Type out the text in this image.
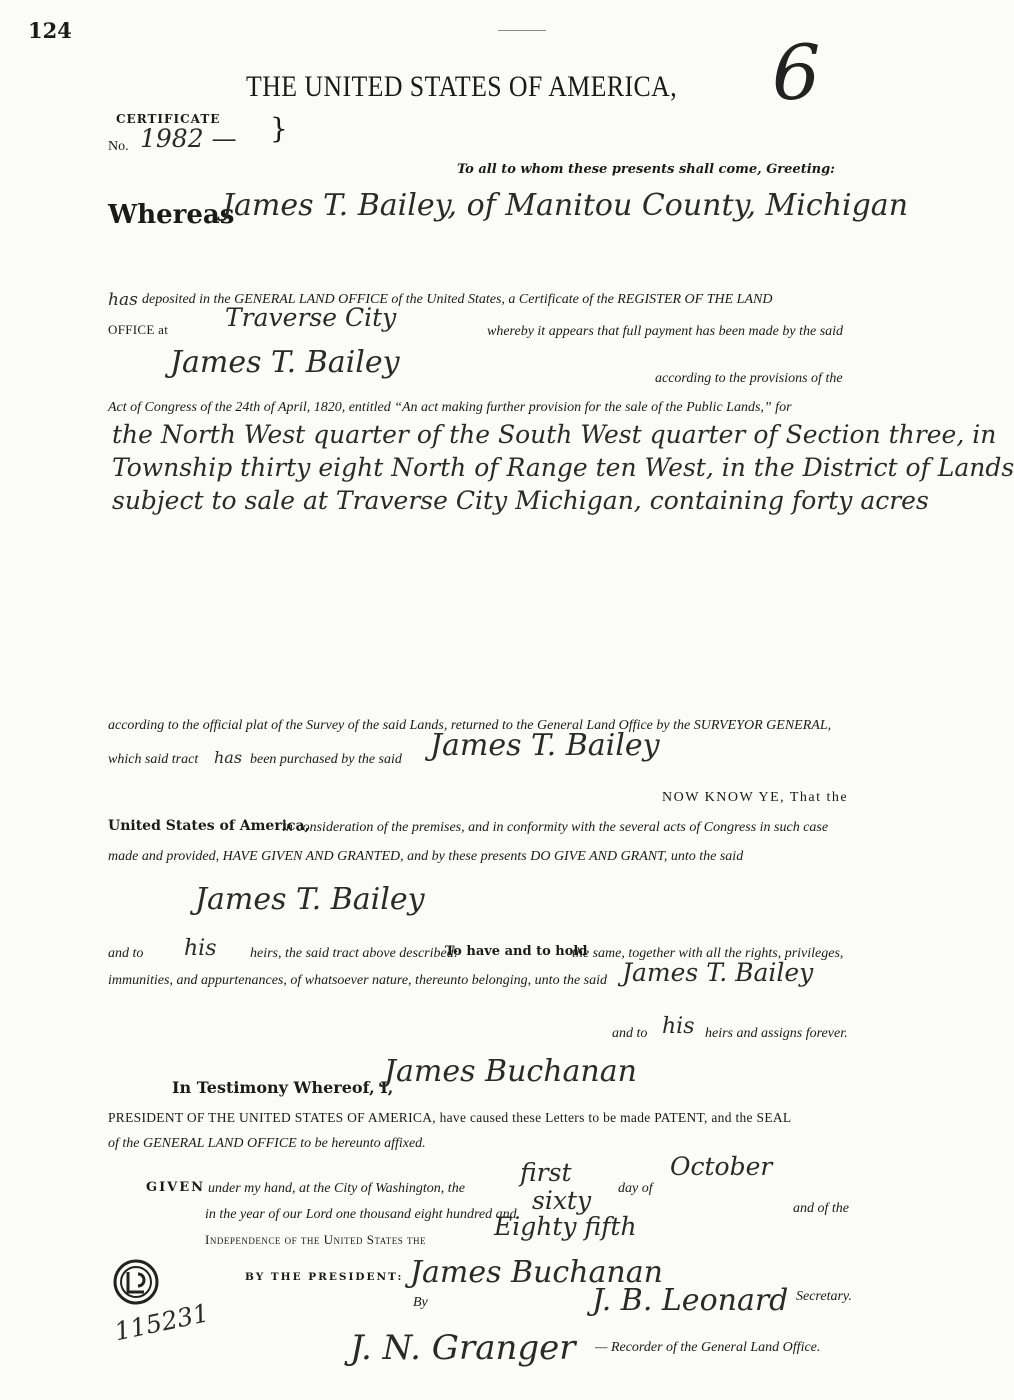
124
THE UNITED STATES OF AMERICA, 6
CERTIFICATE
No. 1982 — }
To all to whom these presents shall come, Greeting:
Whereas
James T. Bailey, of Manitou County, Michigan
has deposited in the GENERAL LAND OFFICE of the United States, a Certificate of the REGISTER OF THE LAND
OFFICE at Traverse City	whereby it appears that full payment has been made by the said
James T. Bailey	according to the provisions of the
Act of Congress of the 24th of April, 1820, entitled “An act making further provision for the sale of the Public Lands,” for
the North West quarter of the South West quarter of Section three, in
Township thirty eight North of Range ten West, in the District of Lands
subject to sale at Traverse City Michigan, containing forty acres
according to the official plat of the Survey of the said Lands, returned to the General Land Office by the SURVEYOR GENERAL,
which said tract has been purchased by the said James T. Bailey
NOW KNOW YE, That the
United States of America,
in consideration of the premises, and in conformity with the several acts of Congress in such case
made and provided, HAVE GIVEN AND GRANTED, and by these presents DO GIVE AND GRANT, unto the said
James T. Bailey
and to his heirs, the said tract above described:
To have and to hold
the same, together with all the rights, privileges,
immunities, and appurtenances, of whatsoever nature, thereunto belonging, unto the said James T. Bailey
and to his heirs and assigns forever.
In Testimony Whereof, I,
James Buchanan
PRESIDENT OF THE UNITED STATES OF AMERICA, have caused these Letters to be made PATENT, and the SEAL
of the GENERAL LAND OFFICE to be hereunto affixed.
GIVEN under my hand, at the City of Washington, the
first
day of
October
in the year of our Lord one thousand eight hundred and sixty	and of the
Independence of the United States the	Eighty fifth
BY THE PRESIDENT: James Buchanan
By	J. B. Leonard Secretary.
115231
J. N. Granger — Recorder of the General Land Office.
